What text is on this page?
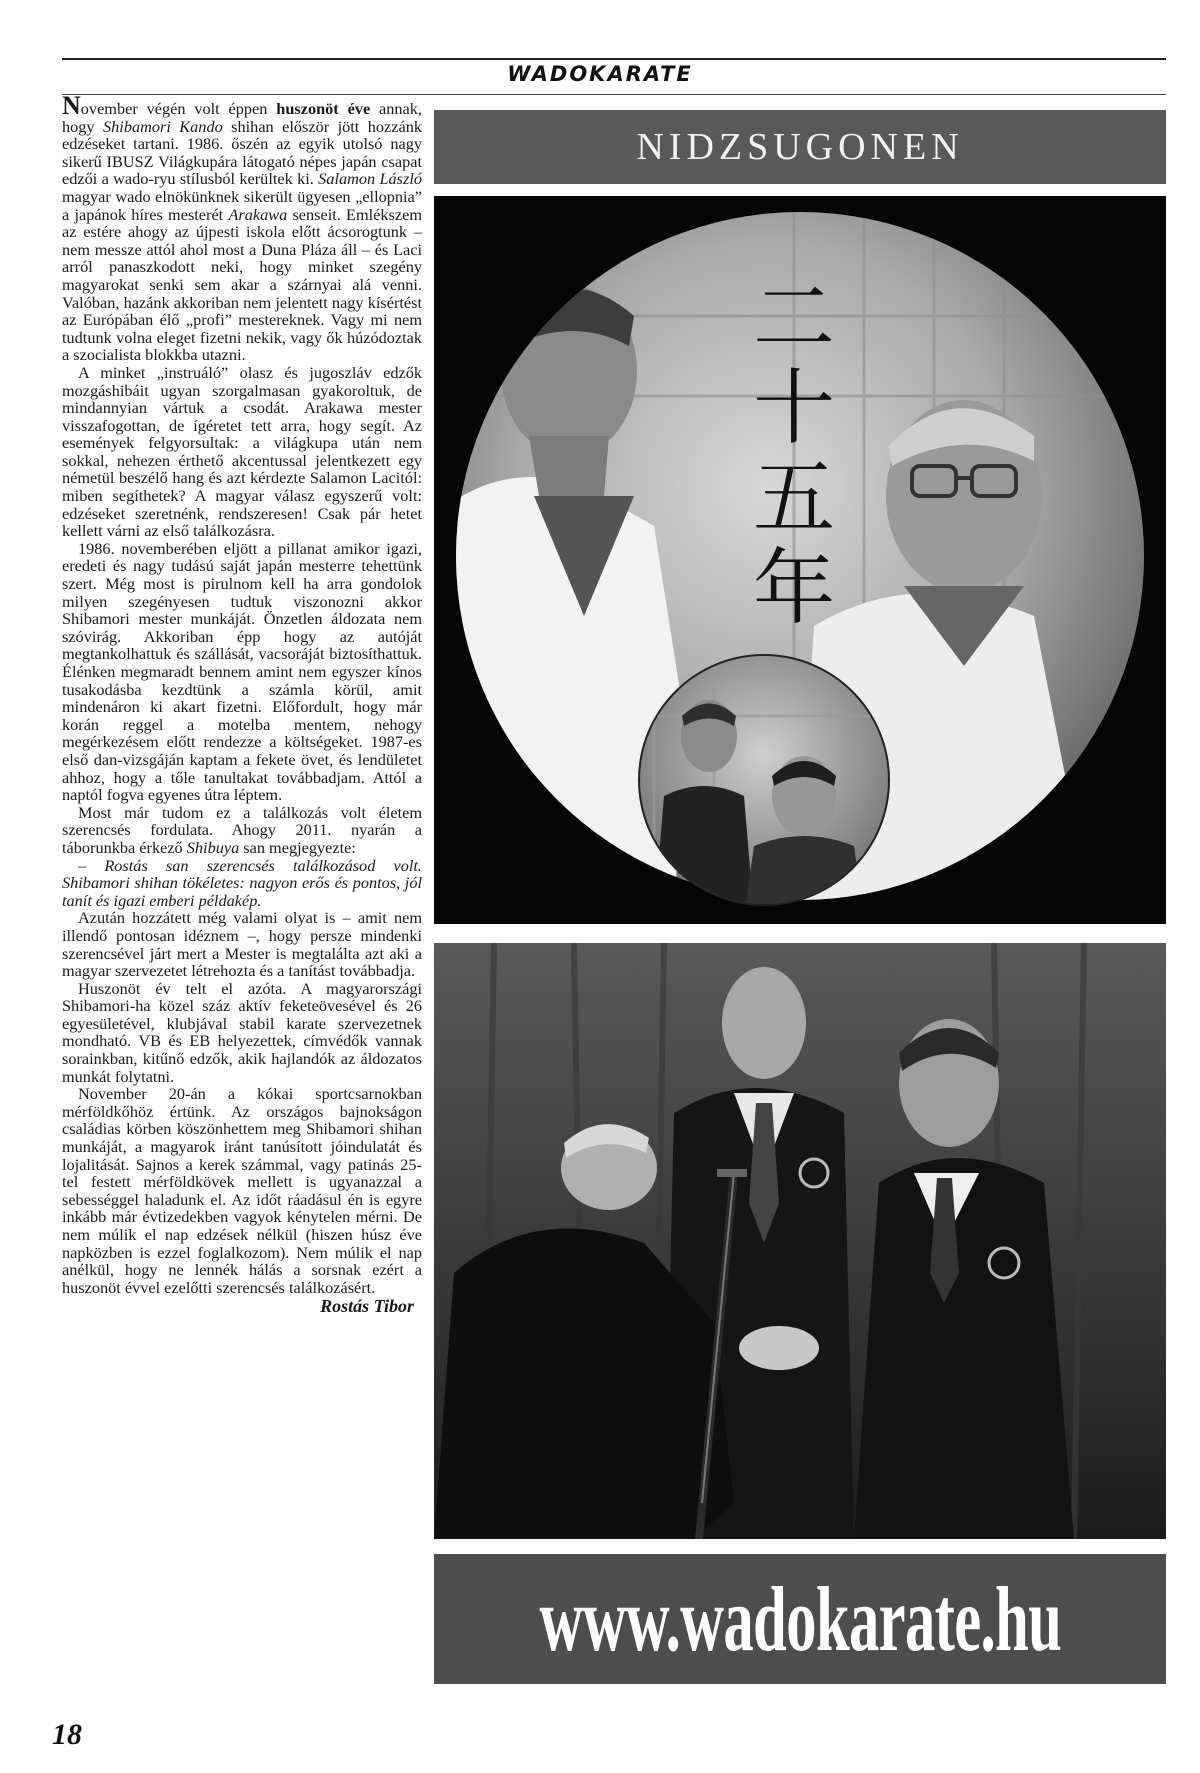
WADOKARATE

November végén volt éppen huszonöt éve annak, hogy Shibamori Kando shihan először jött hozzánk edzéseket tartani. 1986. őszén az egyik utolsó nagy sikerű IBUSZ Világkupára látogató népes japán csapat edzői a wado-ryu stílusból kerültek ki. Salamon László magyar wado elnökünknek sikerült ügyesen „ellopnia” a japánok híres mesterét Arakawa senseit. Emlékszem az estére ahogy az újpesti iskola előtt ácsorogtunk – nem messze attól ahol most a Duna Pláza áll – és Laci arról panaszkodott neki, hogy minket szegény magyarokat senki sem akar a szárnyai alá venni. Valóban, hazánk akkoriban nem jelentett nagy kísértést az Európában élő „profi” mestereknek. Vagy mi nem tudtunk volna eleget fizetni nekik, vagy ők húzódoztak a szocialista blokkba utazni.

A minket „instruáló” olasz és jugoszláv edzők mozgáshibáit ugyan szorgalmasan gyakoroltuk, de mindannyian vártuk a csodát. Arakawa mester visszafogottan, de ígéretet tett arra, hogy segít. Az események felgyorsultak: a világkupa után nem sokkal, nehezen érthető akcentussal jelentkezett egy németül beszélő hang és azt kérdezte Salamon Lacitól: miben segíthetek? A magyar válasz egyszerű volt: edzéseket szeretnénk, rendszeresen! Csak pár hetet kellett várni az első találkozásra.

1986. novemberében eljött a pillanat amikor igazi, eredeti és nagy tudású saját japán mesterre tehettünk szert. Még most is pirulnom kell ha arra gondolok milyen szegényesen tudtuk viszonozni akkor Shibamori mester munkáját. Önzetlen áldozata nem szóvirág. Akkoriban épp hogy az autóját megtankolhattuk és szállását, vacsoráját biztosíthattuk. Élénken megmaradt bennem amint nem egyszer kínos tusakodásba kezdtünk a számla körül, amit mindenáron ki akart fizetni. Előfordult, hogy már korán reggel a motelba mentem, nehogy megérkezésem előtt rendezze a költségeket. 1987-es első dan-vizsgáján kaptam a fekete övet, és lendületet ahhoz, hogy a tőle tanultakat továbbadjam. Attól a naptól fogva egyenes útra léptem.

Most már tudom ez a találkozás volt életem szerencsés fordulata. Ahogy 2011. nyarán a táborunkba érkező Shibuya san megjegyezte:

– Rostás san szerencsés találkozásod volt. Shibamori shihan tökéletes: nagyon erős és pontos, jól tanít és igazi emberi példakép.

Azután hozzátett még valami olyat is – amit nem illendő pontosan idéznem –, hogy persze mindenki szerencsével járt mert a Mester is megtalálta azt aki a magyar szervezetet létrehozta és a tanítást továbbadja.

Huszonöt év telt el azóta. A magyarországi Shibamori-ha közel száz aktív feketeövesével és 26 egyesületével, klubjával stabil karate szervezetnek mondható. VB és EB helyezettek, címvédők vannak sorainkban, kitűnő edzők, akik hajlandók az áldozatos munkát folytatni.

November 20-án a kókai sportcsarnokban mérföldkőhöz értünk. Az országos bajnokságon családias körben köszönhettem meg Shibamori shihan munkáját, a magyarok iránt tanúsított jóindulatát és lojalitását. Sajnos a kerek számmal, vagy patinás 25-tel festett mérföldkövek mellett is ugyanazzal a sebességgel haladunk el. Az időt ráadásul én is egyre inkább már évtizedekben vagyok kénytelen mérni. De nem múlik el nap edzések nélkül (hiszen húsz éve napközben is ezzel foglalkozom). Nem múlik el nap anélkül, hogy ne lennék hálás a sorsnak ezért a huszonöt évvel ezelőtti szerencsés találkozásért.

Rostás Tibor
NIDZSUGONEN
二
十
五
年
www.wadokarate.hu
18
